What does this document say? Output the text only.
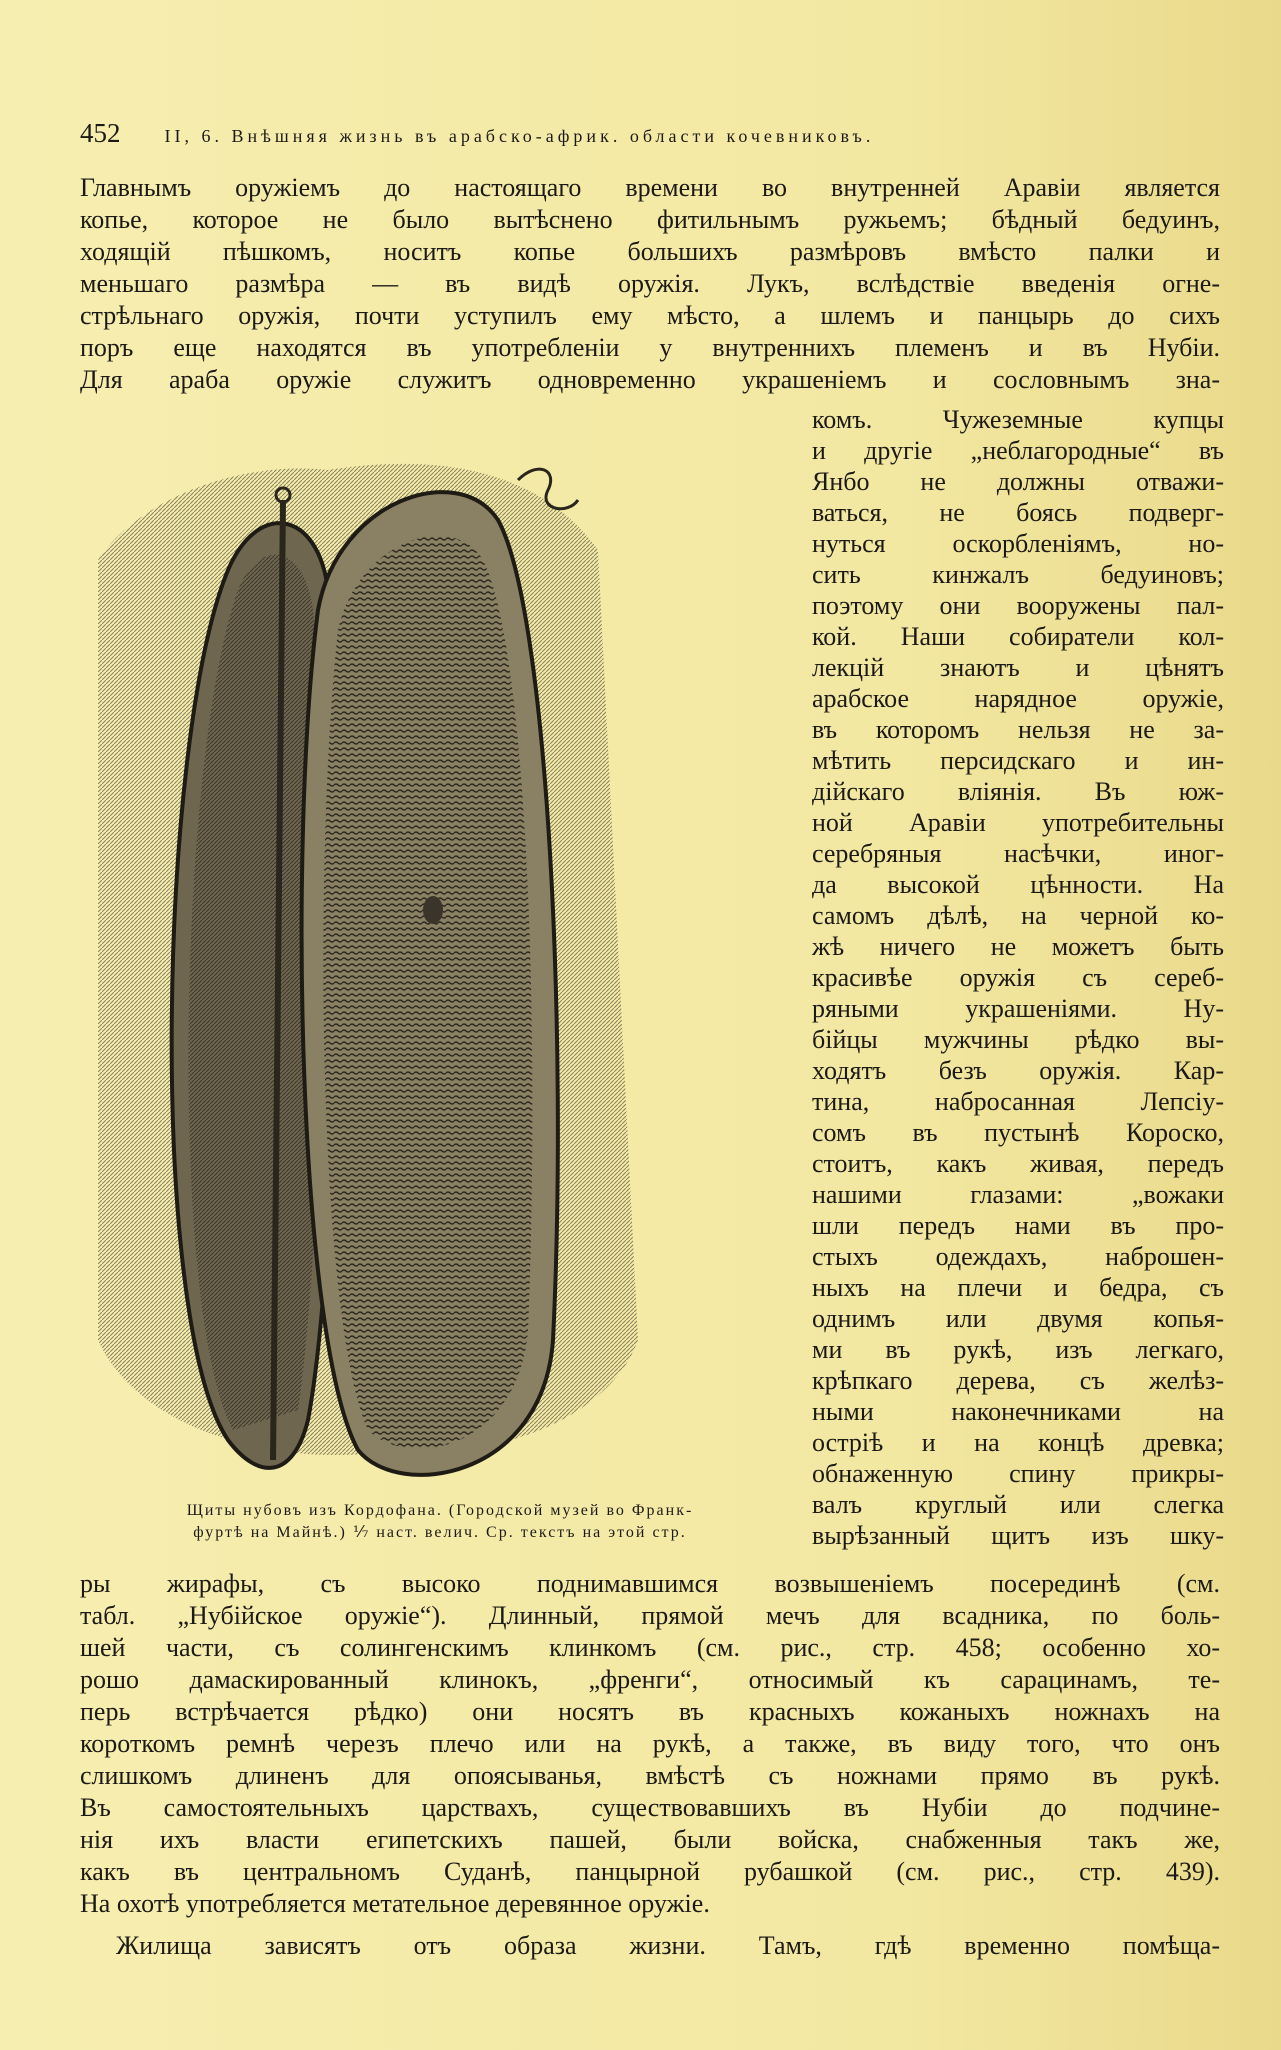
452 II, 6. Внѣшняя жизнь въ арабско-африк. области кочевниковъ.
Главнымъ оружіемъ до настоящаго времени во внутренней Аравіи является
копье, которое не было вытѣснено фитильнымъ ружьемъ; бѣдный бедуинъ,
ходящій пѣшкомъ, носитъ копье большихъ размѣровъ вмѣсто палки и
меньшаго размѣра — въ видѣ оружія. Лукъ, вслѣдствіе введенія огне-
стрѣльнаго оружія, почти уступилъ ему мѣсто, а шлемъ и панцырь до сихъ
поръ еще находятся въ употребленіи у внутреннихъ племенъ и въ Нубіи.
Для араба оружіе служитъ одновременно украшеніемъ и сословнымъ зна-
комъ. Чужеземные купцы
и другіе „неблагородные“ въ
Янбо не должны отважи-
ваться, не боясь подверг-
нуться оскорбленіямъ, но-
сить кинжалъ бедуиновъ;
поэтому они вооружены пал-
кой. Наши собиратели кол-
лекцій знаютъ и цѣнятъ
арабское нарядное оружіе,
въ которомъ нельзя не за-
мѣтить персидскаго и ин-
дійскаго вліянія. Въ юж-
ной Аравіи употребительны
серебряныя насѣчки, иног-
да высокой цѣнности. На
самомъ дѣлѣ, на черной ко-
жѣ ничего не можетъ быть
красивѣе оружія съ сереб-
ряными украшеніями. Ну-
бійцы мужчины рѣдко вы-
ходятъ безъ оружія. Кар-
тина, набросанная Лепсіу-
сомъ въ пустынѣ Короско,
стоитъ, какъ живая, передъ
нашими глазами: „вожаки
шли передъ нами въ про-
стыхъ одеждахъ, наброшен-
ныхъ на плечи и бедра, съ
однимъ или двумя копья-
ми въ рукѣ, изъ легкаго,
крѣпкаго дерева, съ желѣз-
ными наконечниками на
остріѣ и на концѣ древка;
обнаженную спину прикры-
валъ круглый или слегка
вырѣзанный щитъ изъ шку-
Щиты нубовъ изъ Кордофана. (Городской музей во Франк-
фуртѣ на Майнѣ.) ⅐ наст. велич. Ср. текстъ на этой стр.
ры жирафы, съ высоко поднимавшимся возвышеніемъ посерединѣ (см.
табл. „Нубійское оружіе“). Длинный, прямой мечъ для всадника, по боль-
шей части, съ солингенскимъ клинкомъ (см. рис., стр. 458; особенно хо-
рошо дамаскированный клинокъ, „френги“, относимый къ сарацинамъ, те-
перь встрѣчается рѣдко) они носятъ въ красныхъ кожаныхъ ножнахъ на
короткомъ ремнѣ черезъ плечо или на рукѣ, а также, въ виду того, что онъ
слишкомъ длиненъ для опоясыванья, вмѣстѣ съ ножнами прямо въ рукѣ.
Въ самостоятельныхъ царствахъ, существовавшихъ въ Нубіи до подчине-
нія ихъ власти египетскихъ пашей, были войска, снабженныя такъ же,
какъ въ центральномъ Суданѣ, панцырной рубашкой (см. рис., стр. 439).
На охотѣ употребляется метательное деревянное оружіе.
Жилища зависятъ отъ образа жизни. Тамъ, гдѣ временно помѣща-
